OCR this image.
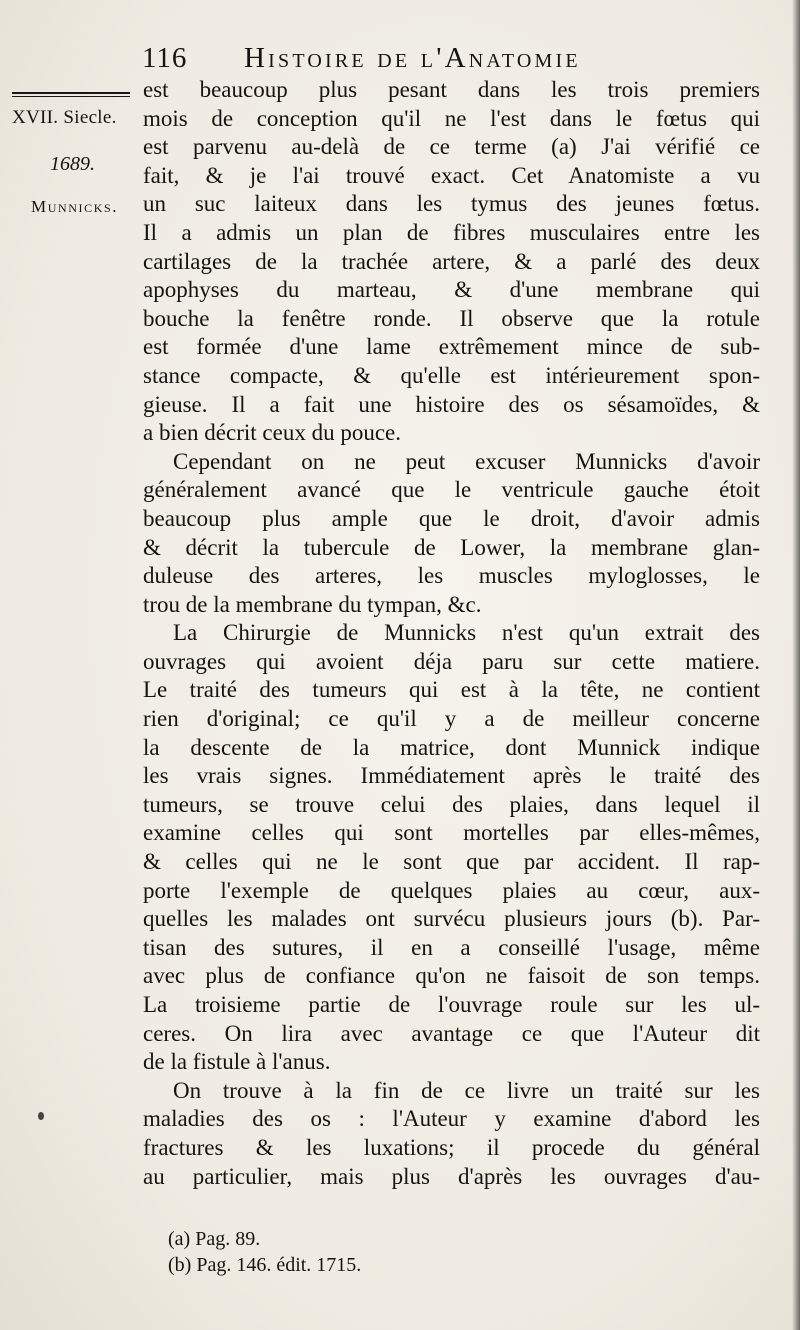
116 Histoire de l'Anatomie
XVII. Siecle.
1689.
Munnicks.
est beaucoup plus pesant dans les trois premiers
mois de conception qu'il ne l'est dans le fœtus qui
est parvenu au-delà de ce terme (a) J'ai vérifié ce
fait, & je l'ai trouvé exact. Cet Anatomiste a vu
un suc laiteux dans les tymus des jeunes fœtus.
Il a admis un plan de fibres musculaires entre les
cartilages de la trachée artere, & a parlé des deux
apophyses du marteau, & d'une membrane qui
bouche la fenêtre ronde. Il observe que la rotule
est formée d'une lame extrêmement mince de sub-
stance compacte, & qu'elle est intérieurement spon-
gieuse. Il a fait une histoire des os sésamoïdes, &
a bien décrit ceux du pouce.
Cependant on ne peut excuser Munnicks d'avoir
généralement avancé que le ventricule gauche étoit
beaucoup plus ample que le droit, d'avoir admis
& décrit la tubercule de Lower, la membrane glan-
duleuse des arteres, les muscles myloglosses, le
trou de la membrane du tympan, &c.
La Chirurgie de Munnicks n'est qu'un extrait des
ouvrages qui avoient déja paru sur cette matiere.
Le traité des tumeurs qui est à la tête, ne contient
rien d'original; ce qu'il y a de meilleur concerne
la descente de la matrice, dont Munnick indique
les vrais signes. Immédiatement après le traité des
tumeurs, se trouve celui des plaies, dans lequel il
examine celles qui sont mortelles par elles-mêmes,
& celles qui ne le sont que par accident. Il rap-
porte l'exemple de quelques plaies au cœur, aux-
quelles les malades ont survécu plusieurs jours (b). Par-
tisan des sutures, il en a conseillé l'usage, même
avec plus de confiance qu'on ne faisoit de son temps.
La troisieme partie de l'ouvrage roule sur les ul-
ceres. On lira avec avantage ce que l'Auteur dit
de la fistule à l'anus.
On trouve à la fin de ce livre un traité sur les
maladies des os : l'Auteur y examine d'abord les
fractures & les luxations; il procede du général
au particulier, mais plus d'après les ouvrages d'au-
(a) Pag. 89.
(b) Pag. 146. édit. 1715.
